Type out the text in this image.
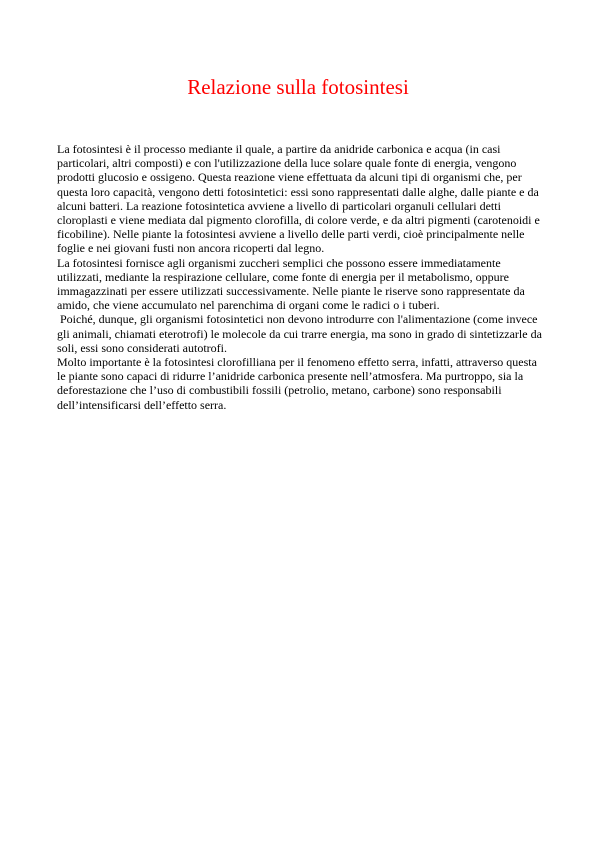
Relazione sulla fotosintesi

La fotosintesi è il processo mediante il quale, a partire da anidride carbonica e acqua (in casi particolari, altri composti) e con l'utilizzazione della luce solare quale fonte di energia, vengono prodotti glucosio e ossigeno. Questa reazione viene effettuata da alcuni tipi di organismi che, per questa loro capacità, vengono detti fotosintetici: essi sono rappresentati dalle alghe, dalle piante e da alcuni batteri. La reazione fotosintetica avviene a livello di particolari organuli cellulari detti cloroplasti e viene mediata dal pigmento clorofilla, di colore verde, e da altri pigmenti (carotenoidi e ficobiline). Nelle piante la fotosintesi avviene a livello delle parti verdi, cioè principalmente nelle foglie e nei giovani fusti non ancora ricoperti dal legno.

La fotosintesi fornisce agli organismi zuccheri semplici che possono essere immediatamente utilizzati, mediante la respirazione cellulare, come fonte di energia per il metabolismo, oppure immagazzinati per essere utilizzati successivamente. Nelle piante le riserve sono rappresentate da amido, che viene accumulato nel parenchima di organi come le radici o i tuberi.

Poiché, dunque, gli organismi fotosintetici non devono introdurre con l'alimentazione (come invece gli animali, chiamati eterotrofi) le molecole da cui trarre energia, ma sono in grado di sintetizzarle da soli, essi sono considerati autotrofi.

Molto importante è la fotosintesi clorofilliana per il fenomeno effetto serra, infatti, attraverso questa le piante sono capaci di ridurre l’anidride carbonica presente nell’atmosfera. Ma purtroppo, sia la deforestazione che l’uso di combustibili fossili (petrolio, metano, carbone) sono responsabili dell’intensificarsi dell’effetto serra.
